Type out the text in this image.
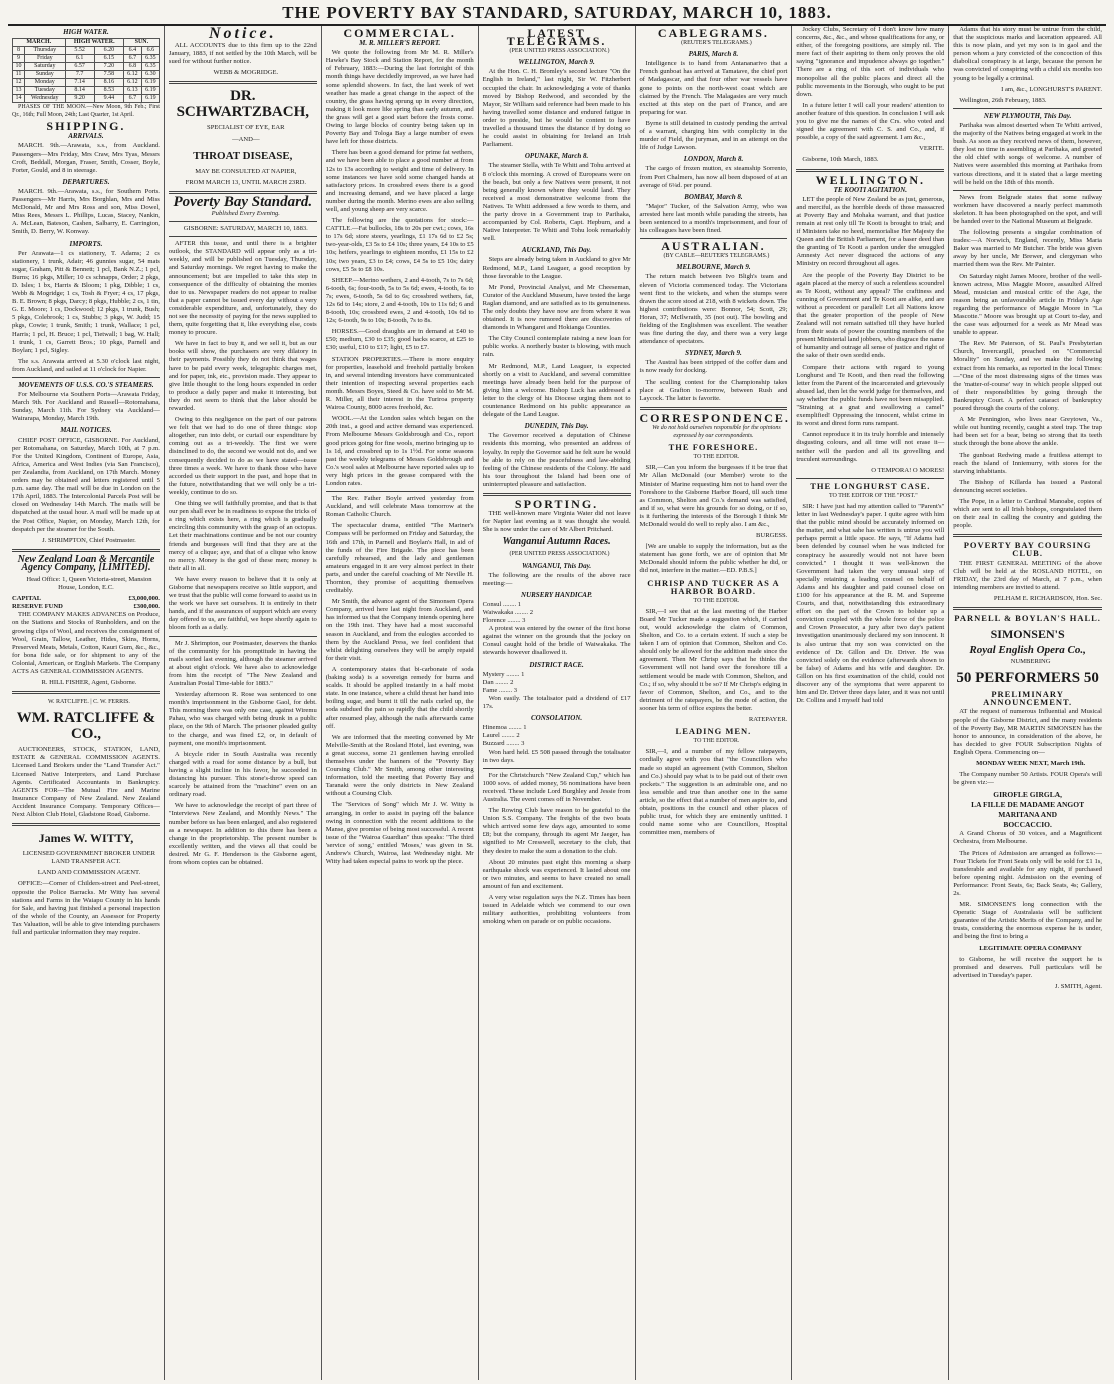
THE POVERTY BAY STANDARD, SATURDAY, MARCH 10, 1883.
HIGH WATER.
MARCH.		HIGH WATER.		SUN.	
8	Thursday	5.52	6.20	6.4	6.6
9	Friday	6.1	6.15	6.7	6.35
10	Saturday	6.57	7.20	6.8	6.35
11	Sunday	7.7	7.58	6.12	6.30
12	Monday	7.14	8.16	6.12	6.19
13	Tuesday	8.14	8.53	6.13	6.19
14	Wednesday	9.20	9.44	6.7	6.19

PHASES OF THE MOON.—New Moon, 9th Feb.; First Qr., 16th; Full Moon, 24th; Last Quarter, 1st April.

SHIPPING.
ARRIVALS.

MARCH. 9th.—Arawata, s.s., from Auckland. Passengers—Mrs Friday, Mrs Craw, Mrs Tyas, Messrs Croft, Beddall, Morgan, Fraser, Smith, Cosser, Boyle, Forter, Gould, and 8 in steerage.

DEPARTURES.

MARCH. 9th.—Arawata, s.s., for Southern Ports. Passengers—Mr Harris, Mrs Borghlan, Mrs and Miss McDonald, Mr and Mrs Ross and son, Miss Dowel, Miss Rees, Messrs L. Phillips, Lucas, Stacey, Nankin, A. McLean, Bateson, Cashen, Salbarry, E. Carrington, Smith, D. Berry, W. Konway.

IMPORTS.

Per Arawata—1 cs stationery, T. Adams; 2 cs stationery, 1 trunk, Adair; 46 gunnies sugar, 54 mats sugar, Graham, Pitt & Bennett; 1 pcl, Bank N.Z.; 1 pcl, Burns; 16 pkgs, Miller; 10 cs schnapps, Order; 2 pkgs, D. Isles; 1 bx, Harris & Bloom; 1 pkg, Dibble; 1 cs, Webb & Mogridge; 1 cs, Tosh & Fryer; 4 cs, 17 pkgs, B. E. Brown; 8 pkgs, Darcy; 8 pkgs, Hubble; 2 cs, 1 tin, G. E. Moore; 1 cs, Dockwood; 12 pkgs, 1 trunk, Bush; 5 pkgs, Colebrook; 1 cs, Stubbs; 3 pkgs, W. Judd; 15 pkgs, Cowie; 1 trunk, Smith; 1 trunk, Wallace; 1 pcl, Harris; 1 pcl, H. Bruce; 1 pcl, Tietwall; 1 bag, W. Hall; 1 trunk, 1 cs, Garrett Bros.; 10 pkgs, Parnell and Boylan; 1 pcl, Sigley.

The s.s. Arawata arrived at 5.30 o'clock last night, from Auckland, and sailed at 11 o'clock for Napier.

MOVEMENTS OF U.S.S. CO.'S STEAMERS.

For Melbourne via Southern Ports—Arawata Friday, March 9th. For Auckland and Russell—Rotomahana, Sunday, March 11th. For Sydney via Auckland—Wairarapa, Monday, March 19th.

MAIL NOTICES.

CHIEF POST OFFICE, GISBORNE. For Auckland, per Rotomahana, on Saturday, March 10th, at 7 p.m. For the United Kingdom, Continent of Europe, Asia, Africa, America and West Indies (via San Francisco), per Zealandia, from Auckland, on 17th March. Money orders may be obtained and letters registered until 5 p.m. same day. The mail will be due in London on the 17th April, 1883. The Intercolonial Parcels Post will be closed on Wednesday 14th March. The mails will be dispatched at the usual hour. A mail will be made up at the Post Office, Napier, on Monday, March 12th, for despatch per the steamer for the South.

J. SHRIMPTON, Chief Postmaster.

New Zealand Loan & Mercantile Agency Company, [LIMITED].

Head Office: 1, Queen Victoria-street, Mansion House, London, E.C.

CAPITAL	£3,000,000.
RESERVE FUND	£300,000.

THE COMPANY MAKES ADVANCES on Produce, on the Stations and Stocks of Runholders, and on the growing clips of Wool, and receives the consignment of Wool, Grain, Tallow, Leather, Hides, Skins, Horns, Preserved Meats, Metals, Cotton, Kauri Gum, &c., &c., for bona fide sale, or for shipment to any of the Colonial, American, or English Markets. The Company ACTS AS GENERAL COMMISSION AGENTS.

R. HILL FISHER, Agent, Gisborne.

W. RATCLIFFE. | C. W. FERRIS.

WM. RATCLIFFE & CO.,

AUCTIONEERS, STOCK, STATION, LAND, ESTATE & GENERAL COMMISSION AGENTS. Licensed Land Brokers under the "Land Transfer Act." Licensed Native Interpreters, and Land Purchase Agents. Certificated Accountants in Bankruptcy. AGENTS FOR—The Mutual Fire and Marine Insurance Company of New Zealand. New Zealand Accident Insurance Company. Temporary Offices—Next Albion Club Hotel, Gladstone Road, Gisborne.

James W. WITTY,

LICENSED GOVERNMENT BROKER UNDER LAND TRANSFER ACT.

LAND AND COMMISSION AGENT.

OFFICE:—Corner of Childers-street and Peel-street, opposite the Police Barracks. Mr Witty has several stations and Farms in the Waiapu County in his hands for Sale, and having just finished a personal inspection of the whole of the County, an Assessor for Property Tax Valuation, will be able to give intending purchasers full and particular information they may require.

Notice.

ALL ACCOUNTS due to this firm up to the 22nd January, 1883, if not settled by the 10th March, will be sued for without further notice.

WEBB & MOGRIDGE.

DR. SCHWARTZBACH,

SPECIALIST OF EYE, EAR

—AND—

THROAT DISEASE,

MAY BE CONSULTED AT NAPIER,

FROM MARCH 13, UNTIL MARCH 23RD.

Poverty Bay Standard.

Published Every Evening.

GISBORNE: SATURDAY, MARCH 10, 1883.

AFTER this issue, and until there is a brighter outlook, the STANDARD will appear only as a tri-weekly, and will be published on Tuesday, Thursday, and Saturday mornings. We regret having to make the announcement; but are impelled to take this step in consequence of the difficulty of obtaining the monies due to us. Newspaper readers do not appear to realise that a paper cannot be issued every day without a very considerable expenditure, and, unfortunately, they do not see the necessity of paying for the news supplied to them, quite forgetting that it, like everything else, costs money to procure.

We have in fact to buy it, and we sell it, but as our books will show, the purchasers are very dilatory in their payments. Possibly they do not think that wages have to be paid every week, telegraphic charges met, and for paper, ink, etc., provision made. They appear to give little thought to the long hours expended in order to produce a daily paper and make it interesting, but they do not seem to think that the labor should be rewarded.

Owing to this negligence on the part of our patrons we felt that we had to do one of three things: stop altogether, run into debt, or curtail our expenditure by coming out as a tri-weekly. The first we were disinclined to do, the second we would not do, and we consequently decided to do as we have stated—issue three times a week. We have to thank those who have accorded us their support in the past, and hope that in the future, notwithstanding that we will only be a tri-weekly, continue to do so.

One thing we will faithfully promise, and that is that our pen shall ever be in readiness to expose the tricks of a ring which exists here, a ring which is gradually encircling this community with the grasp of an octopus. Let their machinations continue and be not our country friends and burgesses will find that they are at the mercy of a clique; aye, and that of a clique who know no mercy. Money is the god of these men; money is their all in all.

We have every reason to believe that it is only at Gisborne that newspapers receive so little support, and we trust that the public will come forward to assist us in the work we have set ourselves. It is entirely in their hands, and if the assurances of support which are every day offered to us, are faithful, we hope shortly again to bloom forth as a daily.

Mr J. Shrimpton, our Postmaster, deserves the thanks of the community for his promptitude in having the mails sorted last evening, although the steamer arrived at about eight o'clock. We have also to acknowledge from him the receipt of "The New Zealand and Australian Postal Time-table for 1883."

Yesterday afternoon R. Rose was sentenced to one month's imprisonment in the Gisborne Gaol, for debt. This morning there was only one case, against Wiremu Pahau, who was charged with being drunk in a public place, on the 9th of March. The prisoner pleaded guilty to the charge, and was fined £2, or, in default of payment, one month's imprisonment.

A bicycle rider in South Australia was recently charged with a road for some distance by a bull, but having a slight incline in his favor, he succeeded in distancing his pursuer. This stone's-throw speed can scarcely be attained from the "machine" even on an ordinary road.

We have to acknowledge the receipt of part three of "Interviews New Zealand, and Monthly News." The number before us has been enlarged, and also registered as a newspaper. In addition to this there has been a change in the proprietorship. The present number is excellently written, and the views all that could be desired. Mr G. F. Henderson is the Gisborne agent, from whom copies can be obtained.

COMMERCIAL.
M. R. MILLER'S REPORT.

We quote the following from Mr M. R. Miller's Hawke's Bay Stock and Station Report, for the month of February, 1883:—During the last fortnight of this month things have decidedly improved, as we have had some splendid showers. In fact, the last week of wet weather has made a great change in the aspect of the country, the grass having sprung up in every direction, making it look more like spring than early autumn, and the grass will get a good start before the frosts come. Owing to large blocks of country being taken up in Poverty Bay and Tologa Bay a large number of ewes have left for those districts.

There has been a good demand for prime fat wethers, and we have been able to place a good number at from 12s to 13s according to weight and time of delivery. In some instances we have sold some changed hands at satisfactory prices. In crossbred ewes there is a good and increasing demand, and we have placed a large number during the month. Merino ewes are also selling well, and young sheep are very scarce.

The following are the quotations for stock:—CATTLE.—Fat bullocks, 18s to 20s per cwt.; cows, 16s to 17s 6d; store steers, yearlings, £1 17s 6d to £2 5s; two-year-olds, £3 5s to £4 10s; three years, £4 10s to £5 10s; heifers, yearlings to eighteen months, £1 15s to £2 10s; two years, £3 to £4; cows, £4 5s to £5 10s; dairy cows, £5 5s to £8 10s.

SHEEP.—Merino wethers, 2 and 4-tooth, 7s to 7s 6d; 6-tooth, 6s; four-tooth, 5s to 5s 6d; ewes, 4-tooth, 6s to 7s; ewes, 6-tooth, 5s 6d to 6s; crossbred wethers, fat, 12s 6d to 14s; store, 2 and 4-tooth, 10s to 11s 6d; 6 and 8-tooth, 10s; crossbred ewes, 2 and 4-tooth, 10s 6d to 12s; 6-tooth, 9s to 10s; 8-tooth, 7s to 8s.

HORSES.—Good draughts are in demand at £40 to £50; medium, £30 to £35; good hacks scarce, at £25 to £30; useful, £10 to £17; light, £5 to £7.

STATION PROPERTIES.—There is more enquiry for properties, leasehold and freehold partially broken in, and several intending investors have communicated their intention of inspecting several properties each month. Messrs Boyes, Steed & Co. have sold to Mr M. R. Miller, all their interest in the Turiroa property Wairoa County, 8000 acres freehold, &c.

WOOL.—At the London sales which began on the 20th inst., a good and active demand was experienced. From Melbourne Messrs Goldsbrough and Co., report good prices going for fine wools, merino bringing up to 1s 1d, and crossbred up to 1s 1½d. For some seasons past the weekly telegrams of Messrs Goldsbrough and Co.'s wool sales at Melbourne have reported sales up to very high prices in the grease compared with the London rates.

The Rev. Father Boyle arrived yesterday from Auckland, and will celebrate Mass tomorrow at the Roman Catholic Church.

The spectacular drama, entitled "The Mariner's Compass will be performed on Friday and Saturday, the 16th and 17th, in Parnell and Boylan's Hall, in aid of the funds of the Fire Brigade. The piece has been carefully rehearsed, and the lady and gentlemen amateurs engaged in it are very almost perfect in their parts, and under the careful coaching of Mr Neville H. Thornton, they promise of acquitting themselves creditably.

Mr Smith, the advance agent of the Simonsen Opera Company, arrived here last night from Auckland, and has informed us that the Company intends opening here on the 19th inst. They have had a most successful season in Auckland, and from the eulogies accorded to them by the Auckland Press, we feel confident that whilst delighting ourselves they will be amply repaid for their visit.

A contemporary states that bi-carbonate of soda (baking soda) is a sovereign remedy for burns and scalds. It should be applied instantly in a half moist state. In one instance, where a child thrust her hand into boiling sugar, and burnt it till the nails curled up, the soda subdued the pain so rapidly that the child shortly after resumed play, although the nails afterwards came off.

We are informed that the meeting convened by Mr Melville-Smith at the Rosland Hotel, last evening, was a great success, some 21 gentlemen having enrolled themselves under the banners of the "Poverty Bay Coursing Club." Mr Smith, among other interesting information, told the meeting that Poverty Bay and Taranaki were the only districts in New Zealand without a Coursing Club.

The "Services of Song" which Mr J. W. Witty is arranging, in order to assist in paying off the balance owing in connection with the recent additions to the Manse, give promise of being most successful. A recent issue of the "Wairoa Guardian" thus speaks: "The third 'service of song,' entitled 'Moses,' was given in St. Andrew's Church, Wairoa, last Wednesday night. Mr Witty had taken especial pains to work up the piece.

LATEST TELEGRAMS.

(PER UNITED PRESS ASSOCIATION.)

WELLINGTON, March 9.

At the Hon. C. H. Bromley's second lecture "On the English in Ireland," last night, Sir W. Fitzherbert occupied the chair. In acknowledging a vote of thanks moved by Bishop Redwood, and seconded by the Mayor, Sir William said reference had been made to his having travelled some distance and endured fatigue in order to preside, but he would be content to have travelled a thousand times the distance if by doing so he could assist in obtaining for Ireland an Irish Parliament.

OPUNAKE, March 8.

The steamer Stella, with Te Whiti and Tohu arrived at 8 o'clock this morning. A crowd of Europeans were on the beach, but only a few Natives were present, it not being generally known where they would land. They received a most demonstrative welcome from the Natives. Te Whiti addressed a few words to them, and the party drove in a Government trap to Parihaka, accompanied by Col. Roberts, Capt. Hepburn, and a Native Interpreter. Te Whiti and Tohu look remarkably well.

AUCKLAND, This Day.

Steps are already being taken in Auckland to give Mr Redmond, M.P., Land Leaguer, a good reception by those favorable to the League.

Mr Pond, Provincial Analyst, and Mr Cheeseman, Curator of the Auckland Museum, have tested the large Raglan diamond, and are satisfied as to its genuineness. The only doubts they have now are from where it was obtained. It is now rumored there are discoveries of diamonds in Whangarei and Hokianga Counties.

The City Council contemplate raising a new loan for public works. A northerly buster is blowing, with much rain.

Mr Redmond, M.P., Land Leaguer, is expected shortly on a visit to Auckland, and several committee meetings have already been held for the purpose of giving him a welcome. Bishop Luck has addressed a letter to the clergy of his Diocese urging them not to countenance Redmond on his public appearance as delegate of the Land League.

DUNEDIN, This Day.

The Governor received a deputation of Chinese residents this morning, who presented an address of loyalty. In reply the Governor said he felt sure he would be able to rely on the peacefulness and law-abiding feeling of the Chinese residents of the Colony. He said his tour throughout the Island had been one of uninterrupted pleasure and satisfaction.

SPORTING.

THE well-known mare Virginia Water did not leave for Napier last evening as it was thought she would. She is now under the care of Mr Albert Pritchard.

Wanganui Autumn Races.

(PER UNITED PRESS ASSOCIATION.)

WANGANUI, This Day.

The following are the results of the above race meeting:—

NURSERY HANDICAP.
Consul ........ 1
Waiwakaka ........ 2
Florence ........ 3

A protest was entered by the owner of the first horse against the winner on the grounds that the jockey on Consul caught hold of the bridle of Waiwakaka. The stewards however disallowed it.

DISTRICT RACE.
Mystery ........ 1
Dan ........ 2
Fame ........ 3

Won easily. The totalisator paid a dividend of £17 17s.

CONSOLATION.
Hinemoa ........ 1
Laurel ........ 2
Buzzard ........ 3

Won hard held. £5 508 passed through the totalisator in two days.

For the Christchurch "New Zealand Cup," which has 1000 sovs. of added money, 56 nominations have been received. These include Lord Burghley and Jessie from Australia. The event comes off in November.

The Rowing Club have reason to be grateful to the Union S.S. Company. The freights of the two boats which arrived some few days ago, amounted to some £8; but the company, through its agent Mr Jaeger, has signified to Mr Cresswell, secretary to the club, that they desire to make the sum a donation to the club.

About 20 minutes past eight this morning a sharp earthquake shock was experienced. It lasted about one or two minutes, and seems to have created no small amount of fun and excitement.

A very wise regulation says the N.Z. Times has been issued in Adelaide which we commend to our own military authorities, prohibiting volunteers from smoking when on parade or on public occasions.

CABLEGRAMS.

(REUTER'S TELEGRAMS.)

PARIS, March 8.

Intelligence is to hand from Antananarivo that a French gunboat has arrived at Tamatave, the chief port of Madagascar, and that four other war vessels have gone to points on the north-west coast which are claimed by the French. The Malagasies are very much excited at this step on the part of France, and are preparing for war.

Byrne is still detained in custody pending the arrival of a warrant, charging him with complicity in the murder of Field, the juryman, and in an attempt on the life of Judge Lawson.

LONDON, March 8.

The cargo of frozen mutton, ex steamship Sorrento, from Port Chalmers, has now all been disposed of at an average of 6¼d. per pound.

BOMBAY, March 8.

"Major" Tucker, of the Salvation Army, who was arrested here last month while parading the streets, has been sentenced to a month's imprisonment, and four of his colleagues have been fined.

AUSTRALIAN.

(BY CABLE—REUTER'S TELEGRAMS.)

MELBOURNE, March 9.

The return match between Ivo Bligh's team and eleven of Victoria commenced today. The Victorians went first to the wickets, and when the stumps were drawn the score stood at 218, with 8 wickets down. The highest contributions were: Bonnor, 54; Scott, 29; Horan, 37; McIlwraith, 35 (not out). The bowling and fielding of the Englishmen was excellent. The weather was fine during the day, and there was a very large attendance of spectators.

SYDNEY, March 9.

The Austral has been stripped of the coffer dam and is now ready for docking.

The sculling contest for the Championship takes place at Grafton to-morrow, between Rush and Laycock. The latter is favorite.

CORRESPONDENCE.

We do not hold ourselves responsible for the opinions expressed by our correspondents.

THE FORESHORE.

TO THE EDITOR.

SIR,—Can you inform the burgesses if it be true that Mr Allan McDonald (our Member) wrote to the Minister of Marine requesting him not to hand over the Foreshore to the Gisborne Harbor Board, till such time as Common, Shelton and Co.'s demand was satisfied, and if so, what were his grounds for so doing, or if so, is it furthering the interests of the Borough I think Mr McDonald would do well to reply also. I am &c.,

BURGESS.

[We are unable to supply the information, but as the statement has gone forth, we are of opinion that Mr McDonald should inform the public whether he did, or did not, interfere in the matter.—ED. P.B.S.]

CHRISP AND TUCKER AS A HARBOR BOARD.

TO THE EDITOR.

SIR,—I see that at the last meeting of the Harbor Board Mr Tucker made a suggestion which, if carried out, would acknowledge the claim of Common, Shelton, and Co. to a certain extent. If such a step be taken I am of opinion that Common, Shelton and Co. should only be allowed for the addition made since the agreement. Then Mr Chrisp says that he thinks the Government will not hand over the foreshore till a settlement would be made with Common, Shelton, and Co.; if so, why should it be so? If Mr Chrisp's edging in favor of Common, Shelton, and Co., and to the detriment of the ratepayers, be the mode of action, the sooner his term of office expires the better.

RATEPAYER.

LEADING MEN.

TO THE EDITOR.

SIR,—I, and a number of my fellow ratepayers, cordially agree with you that "the Councillors who made so stupid an agreement (with Common, Shelton and Co.) should pay what is to be paid out of their own pockets." The suggestion is an admirable one, and no less sensible and true than another one in the same article, so the effect that a number of men aspire to, and obtain, positions in the council and other places of public trust, for which they are eminently unfitted. I could name some who are Councillors, Hospital committee men, members of

Jockey Clubs, Secretary of I don't know how many concerns, &c., &c., and whose qualifications for any, or either, of the foregoing positions, are simply nil. The mere fact of their aspiring to them only proves the old saying "ignorance and impudence always go together." There are a ring of this sort of individuals who monopolise all the public places and direct all the public movements in the Borough, who ought to be put down.

In a future letter I will call your readers' attention to another feature of this question. In conclusion I will ask you to give me the names of the Crs. who voted and signed the agreement with C. S. and Co., and, if possible, a copy of the said agreement. I am &c.,

VERITE.

Gisborne, 10th March, 1883.

WELLINGTON.
TE KOOTI AGITATION.

LET the people of New Zealand be as just, generous, and merciful, as the horrible deeds of those massacred at Poverty Bay and Mohaka warrant, and that justice remain at rest only till Te Kooti is brought to trial; and if Ministers take no heed, memorialise Her Majesty the Queen and the British Parliament, for a baser deed than the granting of Te Kooti a pardon under the smuggled Amnesty Act never disgraced the actions of any Ministry on record throughout all ages.

Are the people of the Poverty Bay District to be again placed at the mercy of such a relentless scoundrel as Te Kooti, without any appeal? The craftiness and cunning of Government and Te Kooti are alike, and are without a precedent or parallel! Let all Nations know that the greater proportion of the people of New Zealand will not remain satisfied till they have hurled from their seats of power the counting members of the present Ministerial land jobbers, who disgrace the name of humanity and outrage all sense of justice and right of the sake of their own sordid ends.

Compare their actions with regard to young Longhurst and Te Kooti, and then read the following letter from the Parent of the incarcerated and grievously abused lad, then let the world judge for themselves, and say whether the public funds have not been misapplied. "Straining at a gnat and swallowing a camel" exemplified! Oppressing the innocent, whilst crime in its worst and direst form runs rampant.

Cannot reproduce it in its truly horrible and intensely disgusting colours, and all time will not erase it—neither will the pardon and all its grovelling and truculent surroundings.

O TEMPORA! O MORES!

THE LONGHURST CASE.

TO THE EDITOR OF THE "POST."

SIR: I have just had my attention called to "Parent's" letter in last Wednesday's paper. I quite agree with him that the public mind should be accurately informed on the matter, and what sahe has written is untrue you will perhaps permit a little space. He says, "If Adams had been defended by counsel when he was indicted for conspiracy he assuredly would not not have been convicted." I thought it was well-known the Government had taken the very unusual step of specially retaining a leading counsel on behalf of Adams and his daughter and paid counsel close on £100 for his appearance at the R. M. and Supreme Courts, and that, notwithstanding this extraordinary effort on the part of the Crown to bolster up a conviction coupled with the whole force of the police and Crown Prosecutor, a jury after two day's patient investigation unanimously declared my son innocent. It is also untrue that my son was convicted on the evidence of Dr. Gillon and Dr. Driver. He was convicted solely on the evidence (afterwards shown to be false) of Adams and his wife and daughter. Dr. Gillon on his first examination of the child, could not discover any of the symptoms that were apparent to him and Dr. Driver three days later, and it was not until Dr. Collins and I myself had told

Adams that his story must be untrue from the child, that the suspicious marks and laceration appeared. All this is now plain, and yet my son is in gaol and the person whom a jury convicted of the concoction of this diabolical conspiracy is at large, because the person he was convicted of conspiring with a child six months too young to be legally a criminal.

I am, &c., LONGHURST'S PARENT.

Wellington, 26th February, 1883.

NEW PLYMOUTH, This Day.

Parihaka was almost deserted when Te Whiti arrived, the majority of the Natives being engaged at work in the bush. As soon as they received news of them, however, they lost no time in assembling at Parihaka, and greeted the old chief with songs of welcome. A number of Natives were assembled this morning at Parihaka from various directions, and it is stated that a large meeting will be held on the 18th of this month.

News from Belgrade states that some railway workmen have discovered a nearly perfect mammoth skeleton. It has been photographed on the spot, and will be handed over to the National Museum at Belgrade.

The following presents a singular combination of trades:—A Norwich, England, recently, Miss Maria Baker was married to Mr Butcher. The bride was given away by her uncle, Mr Brewer, and clergyman who married them was the Rev. Mr Painter.

On Saturday night James Moore, brother of the well-known actress, Miss Maggie Moore, assaulted Alfred Mead, musician and musical critic of the Age, the reason being an unfavourable article in Friday's Age regarding the performance of Maggie Moore in "La Mascotte." Moore was brought up at Court to-day, and the case was adjourned for a week as Mr Mead was unable to appear.

The Rev. Mr Paterson, of St. Paul's Presbyterian Church, Invercargill, preached on "Commercial Morality" on Sunday, and we make the following extract from his remarks, as reported in the local Times:—"One of the most distressing signs of the times was the 'matter-of-course' way in which people slipped out of their responsibilities by going through the Bankruptcy Court. A perfect cataract of bankruptcy poured through the courts of the colony.

A Mr Pennington, who lives near Greytown, Va., while out hunting recently, caught a steel trap. The trap had been set for a bear, being so strong that its teeth stuck through the bone above the ankle.

The gunboat Redwing made a fruitless attempt to reach the island of Inniemurry, with stores for the starving inhabitants.

The Bishop of Killarda has issued a Pastoral denouncing secret societies.

The Pope, in a letter to Cardinal Manoabe, copies of which are sent to all Irish bishops, congratulated them on their zeal in calling the country and guiding the people.

POVERTY BAY COURSING CLUB.

THE FIRST GENERAL MEETING of the above Club will be held at the ROSLAND HOTEL, on FRIDAY, the 23rd day of March, at 7 p.m., when intending members are invited to attend.

PELHAM E. RICHARDSON, Hon. Sec.

PARNELL & BOYLAN'S HALL.
SIMONSEN'S
Royal English Opera Co.,

NUMBERING

50 PERFORMERS 50
PRELIMINARY ANNOUNCEMENT.

AT the request of numerous Influential and Musical people of the Gisborne District, and the many residents of the Poverty Bay, MR MARTIN SIMONSEN has the honor to announce, in consideration of the above, he has decided to give FOUR Subscription Nights of English Opera. Commencing on—

MONDAY WEEK NEXT, March 19th.

The Company number 50 Artists. FOUR Opera's will be given viz:—

GIROFLE GIRGLA,
LA FILLE DE MADAME ANGOT
MARITANA AND
BOCCACCIO.

A Grand Chorus of 30 voices, and a Magnificent Orchestra, from Melbourne.

The Prices of Admission are arranged as follows:—Four Tickets for Front Seats only will be sold for £1 1s, transferable and available for any night, if purchased before opening night. Admission on the evening of Performance: Front Seats, 6s; Back Seats, 4s; Gallery, 2s.

MR. SIMONSEN'S long connection with the Operatic Stage of Australasia will be sufficient guarantee of the Artistic Merits of the Company, and he trusts, considering the enormous expense he is under, and being the first to bring a

LEGITIMATE OPERA COMPANY

to Gisborne, he will receive the support he is promised and deserves. Full particulars will be advertised in Tuesday's paper.

J. SMITH, Agent.
